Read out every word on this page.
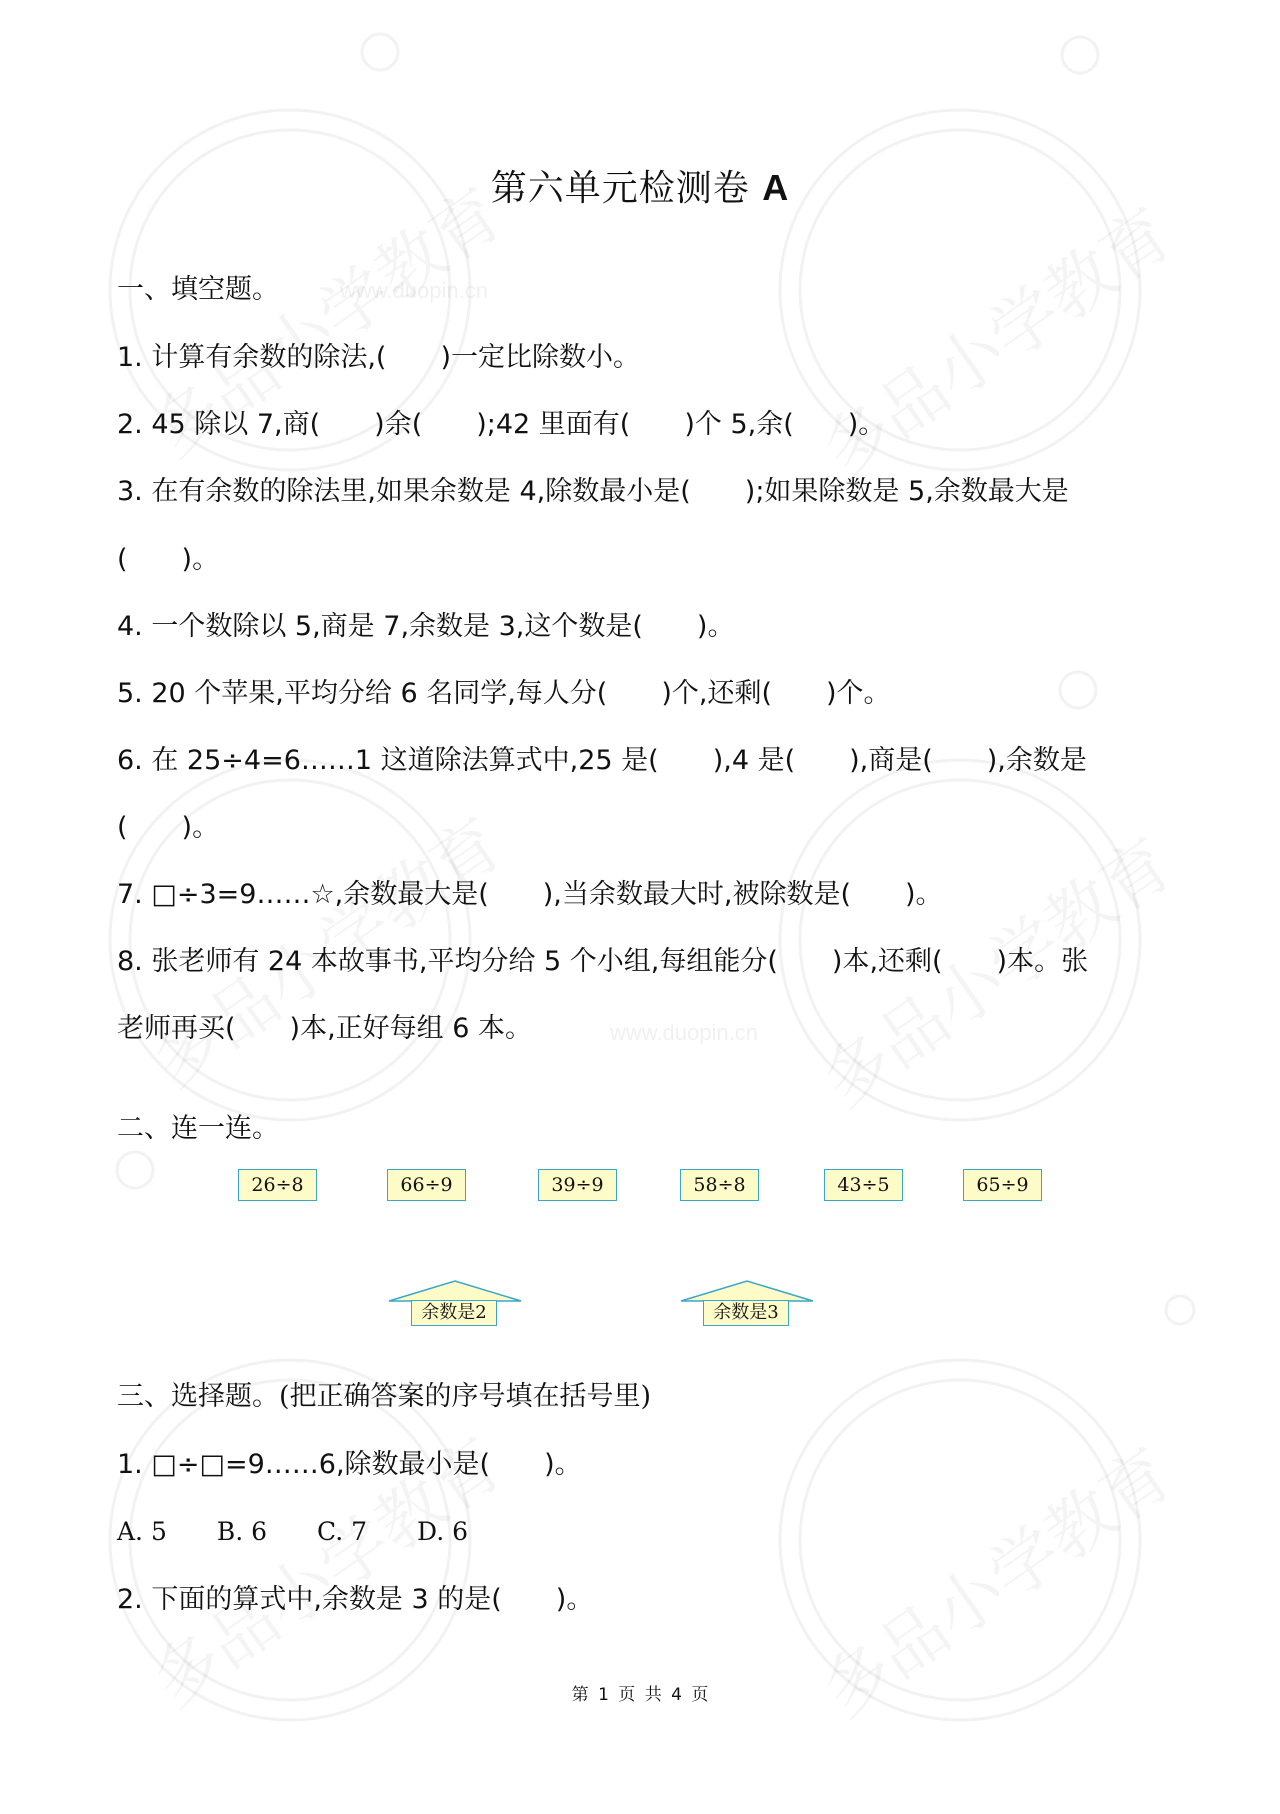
www.duopin.cn
www.duopin.cn
第六单元检测卷 A
一、填空题。
1. 计算有余数的除法,(　　)一定比除数小。
2. 45 除以 7,商(　　)余(　　);42 里面有(　　)个 5,余(　　)。
3. 在有余数的除法里,如果余数是 4,除数最小是(　　);如果除数是 5,余数最大是
(　　)。
4. 一个数除以 5,商是 7,余数是 3,这个数是(　　)。
5. 20 个苹果,平均分给 6 名同学,每人分(　　)个,还剩(　　)个。
6. 在 25÷4=6……1 这道除法算式中,25 是(　　),4 是(　　),商是(　　),余数是
(　　)。
7. □÷3=9……☆,余数最大是(　　),当余数最大时,被除数是(　　)。
8. 张老师有 24 本故事书,平均分给 5 个小组,每组能分(　　)本,还剩(　　)本。张
老师再买(　　)本,正好每组 6 本。
二、连一连。
26÷8	66÷9	39÷9	58÷8	43÷5	65÷9
余数是2	余数是3
三、选择题。(把正确答案的序号填在括号里)
1. □÷□=9……6,除数最小是(　　)。
A. 5　　B. 6　　C. 7　　D. 6
2. 下面的算式中,余数是 3 的是(　　)。
第 1 页 共 4 页
